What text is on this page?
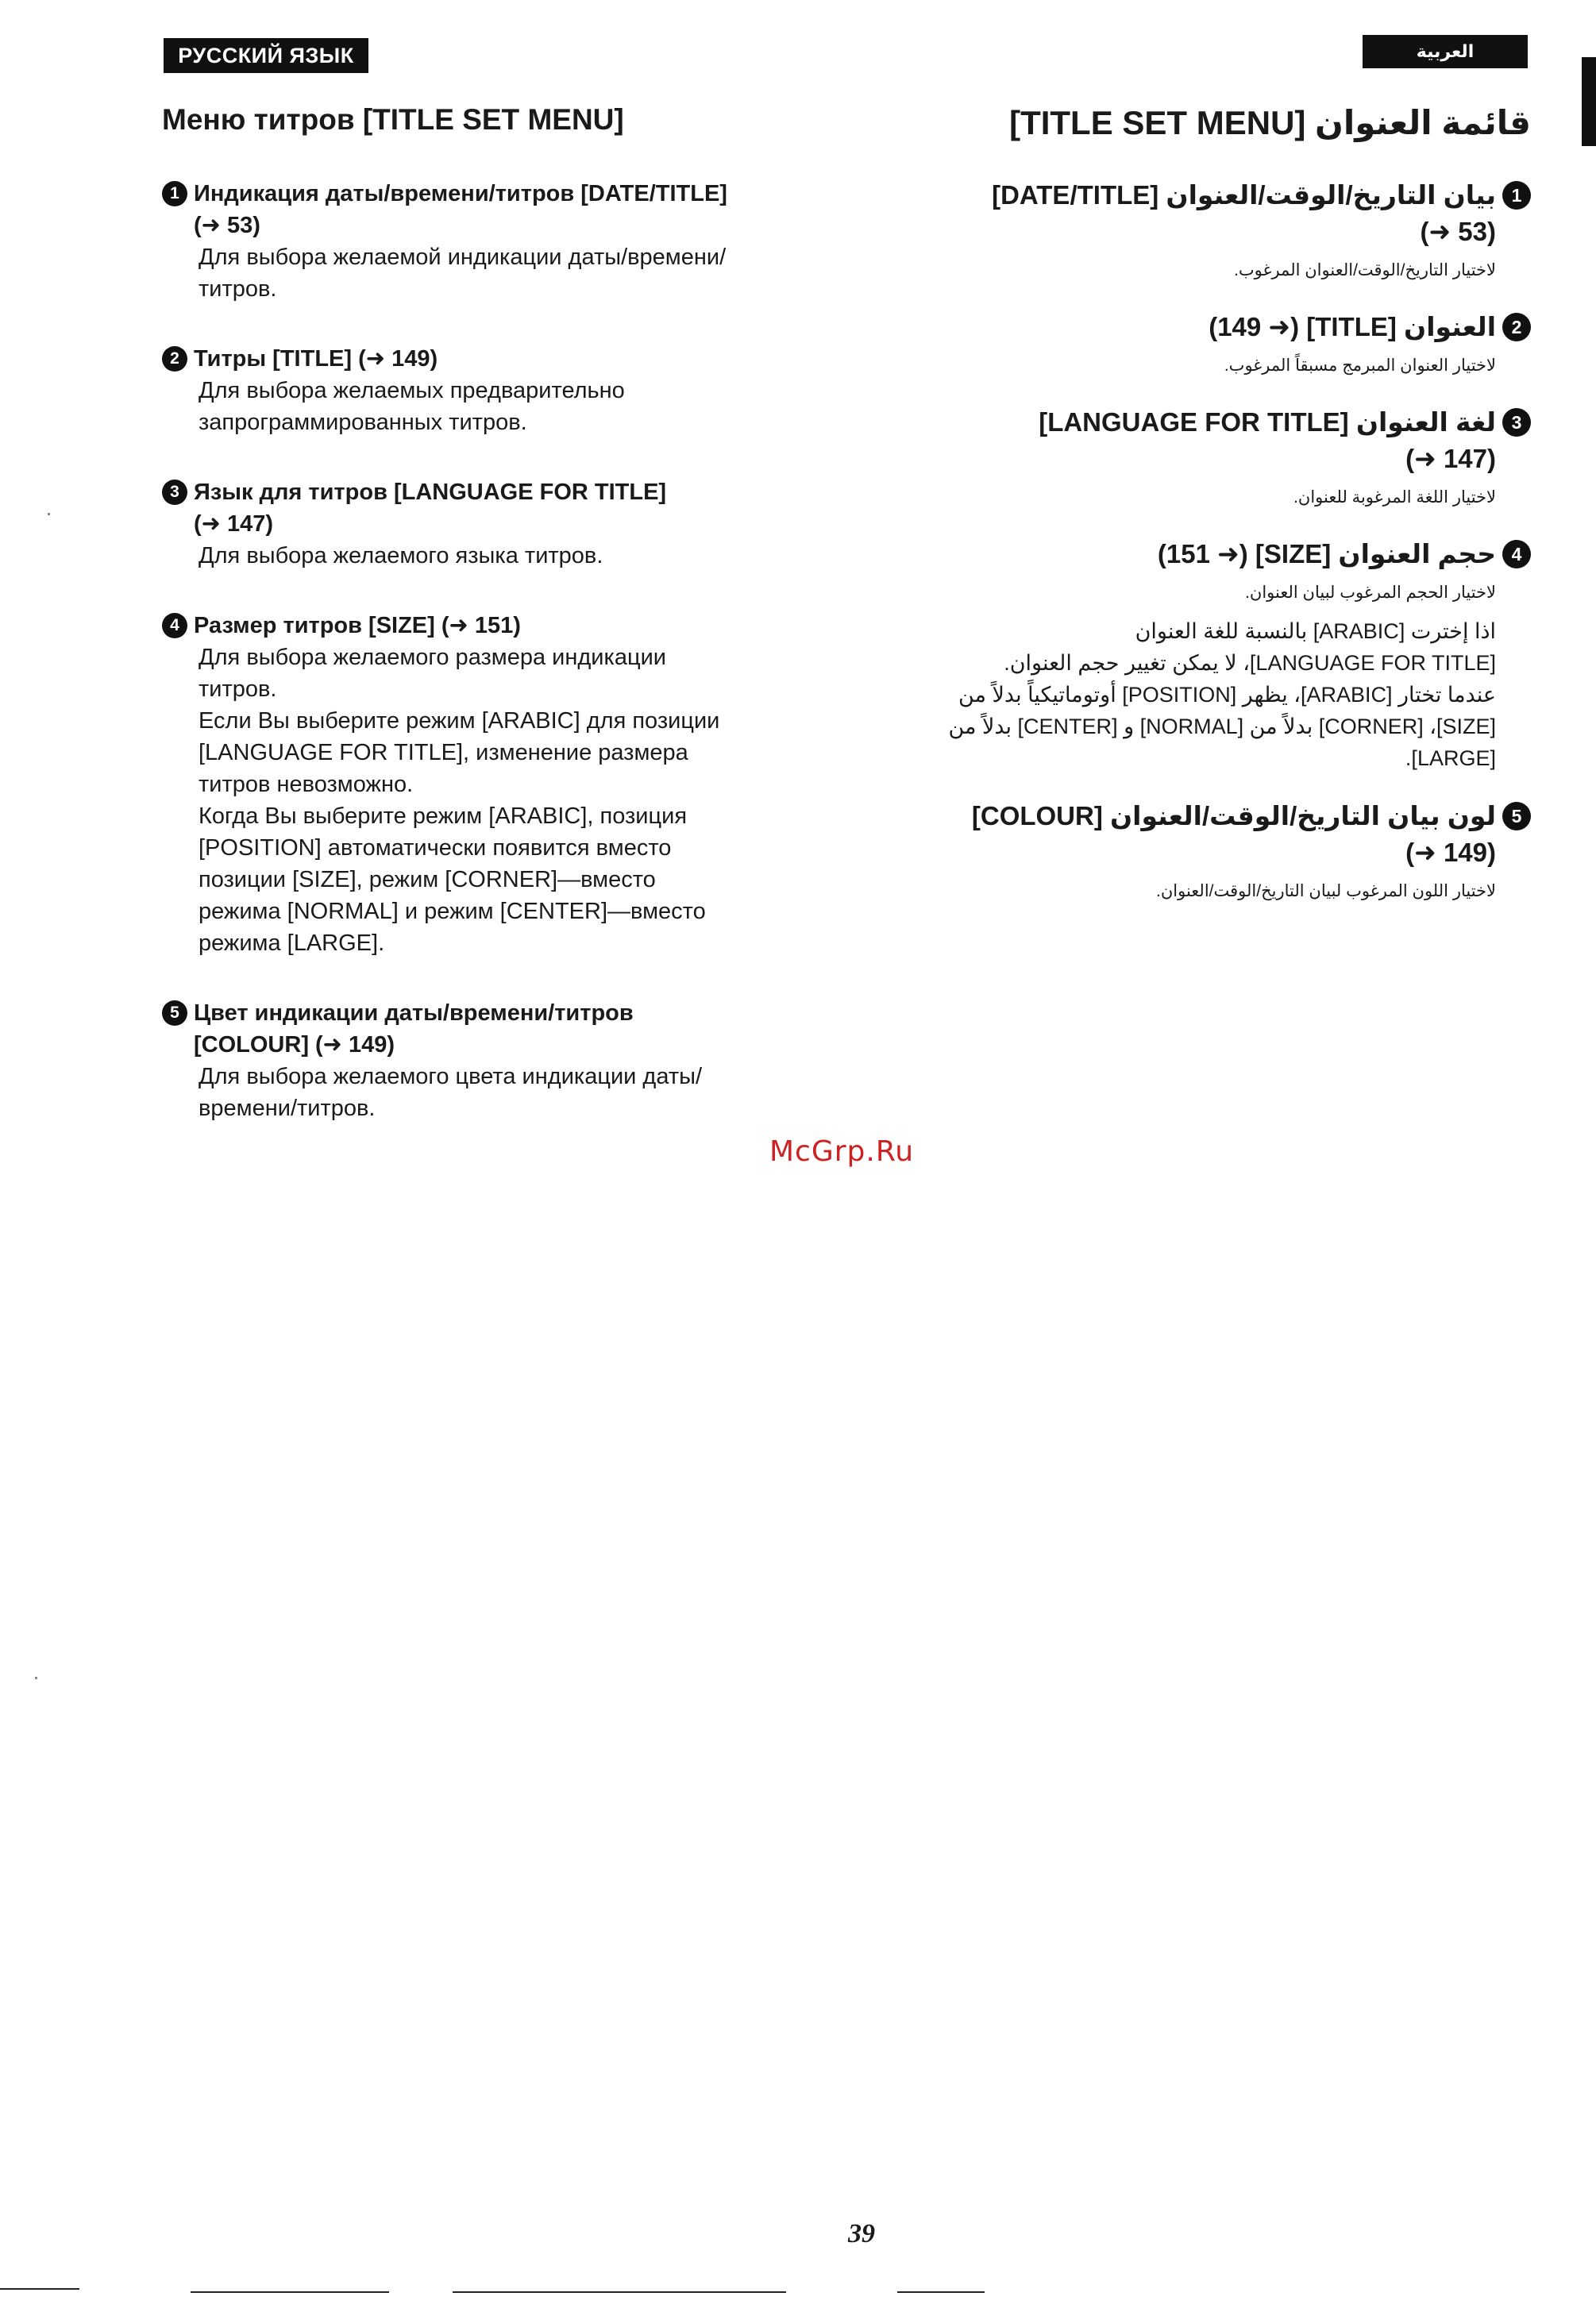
РУССКИЙ ЯЗЫК	العربية
Меню титров [TITLE SET MENU]
1 Индикация даты/времени/титров [DATE/TITLE]
(➜ 53)

Для выбора желаемой индикации даты/времени/
титров.

2 Титры [TITLE] (➜ 149)

Для выбора желаемых предварительно
запрограммированных титров.

3 Язык для титров [LANGUAGE FOR TITLE]
(➜ 147)

Для выбора желаемого языка титров.

4 Размер титров [SIZE] (➜ 151)

Для выбора желаемого размера индикации
титров.
Если Вы выберите режим [ARABIC] для позиции
[LANGUAGE FOR TITLE], изменение размера
титров невозможно.
Когда Вы выберите режим [ARABIC], позиция
[POSITION] автоматически появится вместо
позиции [SIZE], режим [CORNER]—вместо
режима [NORMAL] и режим [CENTER]—вместо
режима [LARGE].

5 Цвет индикации даты/времени/титров
[COLOUR] (➜ 149)

Для выбора желаемого цвета индикации даты/
времени/титров.

قائمة العنوان [TITLE SET MENU]
بيان التاريخ/الوقت/العنوان [DATE/TITLE] 1
(➜ 53)

لاختيار التاريخ/الوقت/العنوان المرغوب.

العنوان [TITLE] (➜ 149) 2

لاختيار العنوان المبرمج مسبقاً المرغوب.

لغة العنوان [LANGUAGE FOR TITLE] 3
(➜ 147)

لاختيار اللغة المرغوبة للعنوان.

حجم العنوان [SIZE] (➜ 151) 4

لاختيار الحجم المرغوب لبيان العنوان.

اذا إخترت [ARABIC] بالنسبة للغة العنوان
[LANGUAGE FOR TITLE]، لا يمكن تغيير حجم العنوان.
عندما تختار [ARABIC]، يظهر [POSITION] أوتوماتيكياً بدلاً من
[SIZE]، [CORNER] بدلاً من [NORMAL] و [CENTER] بدلاً من
[LARGE].

لون بيان التاريخ/الوقت/العنوان [COLOUR] 5
(➜ 149)

لاختيار اللون المرغوب لبيان التاريخ/الوقت/العنوان.

McGrp.Ru
39
